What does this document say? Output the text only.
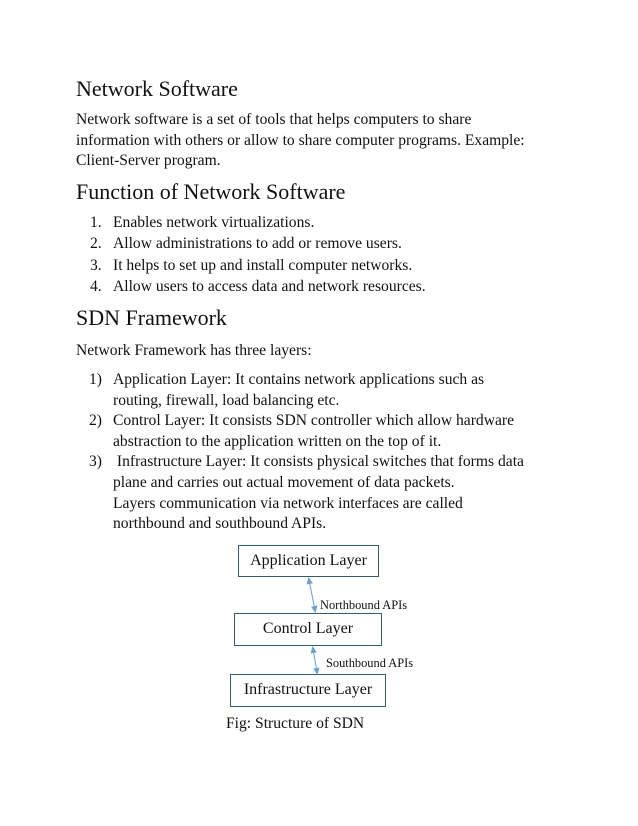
Network Software
Network software is a set of tools that helps computers to share
information with others or allow to share computer programs. Example:
Client-Server program.
Function of Network Software
1. Enables network virtualizations.
2. Allow administrations to add or remove users.
3. It helps to set up and install computer networks.
4. Allow users to access data and network resources.
SDN Framework
Network Framework has three layers:
1) Application Layer: It contains network applications such as
routing, firewall, load balancing etc.
2) Control Layer: It consists SDN controller which allow hardware
abstraction to the application written on the top of it.
3) Infrastructure Layer: It consists physical switches that forms data
plane and carries out actual movement of data packets.
Layers communication via network interfaces are called
northbound and southbound APIs.
Application Layer
Control Layer
Infrastructure Layer
Northbound APIs
Southbound APIs
Fig: Structure of SDN
